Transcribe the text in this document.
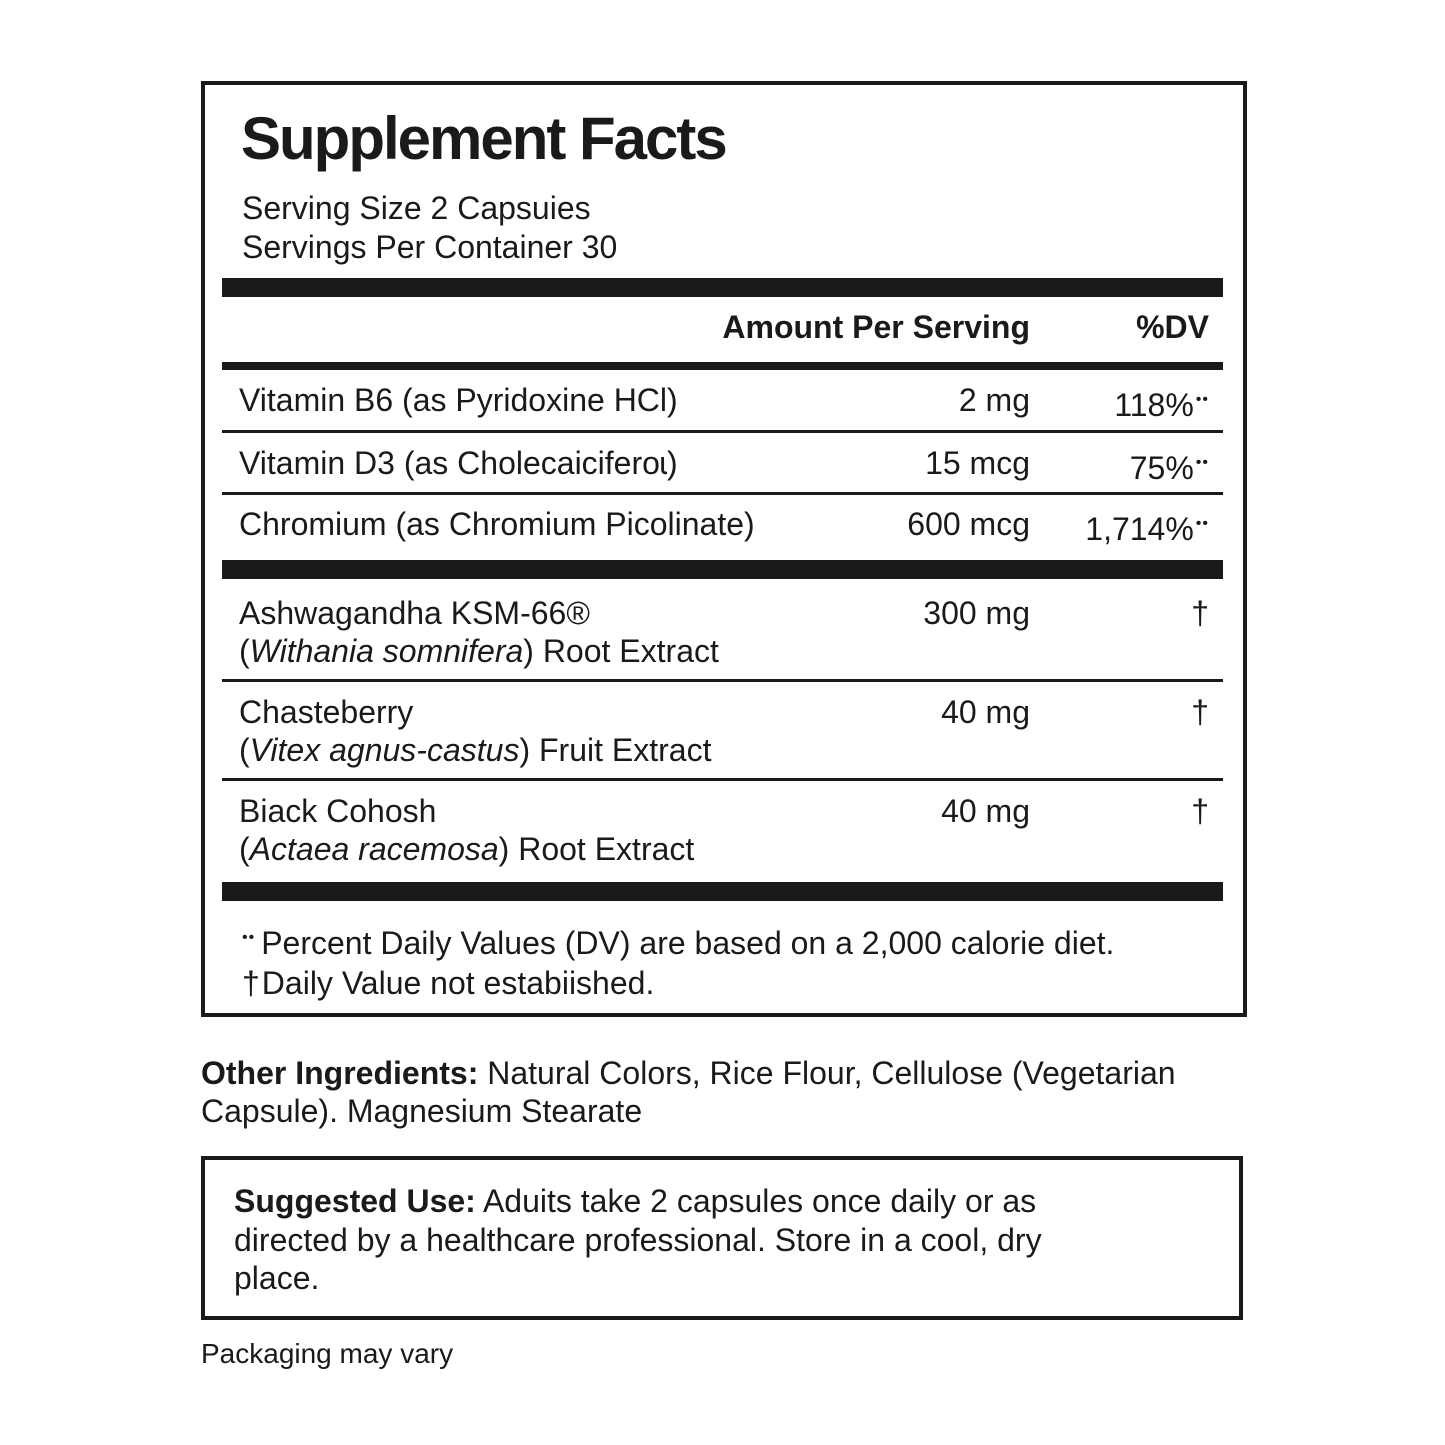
Supplement Facts
Serving Size 2 Capsuies
Servings Per Container 30
Amount Per Serving	%DV
Vitamin B6 (as Pyridoxine HCl)	2 mg	118% ••
Vitamin D3 (as Cholecaiciferoɩ)	15 mcg	75% ••
Chromium (as Chromium Picolinate)	600 mcg 1,714% ••
Ashwagandha KSM-66®
(Withania somnifera) Root Extract
300 mg	†
Chasteberry
(Vitex agnus-castus) Fruit Extract
40 mg	†
Biack Cohosh
(Actaea racemosa) Root Extract
40 mg	†
•• Percent Daily Values (DV) are based on a 2,000 calorie diet.
†Daily Value not estabiished.
Other Ingredients: Natural Colors, Rice Flour, Cellulose (Vegetarian Capsule). Magnesium Stearate
Suggested Use: Aduits take 2 capsules once daily or as directed by a healthcare professional. Store in a cool, dry place.
Packaging may vary
